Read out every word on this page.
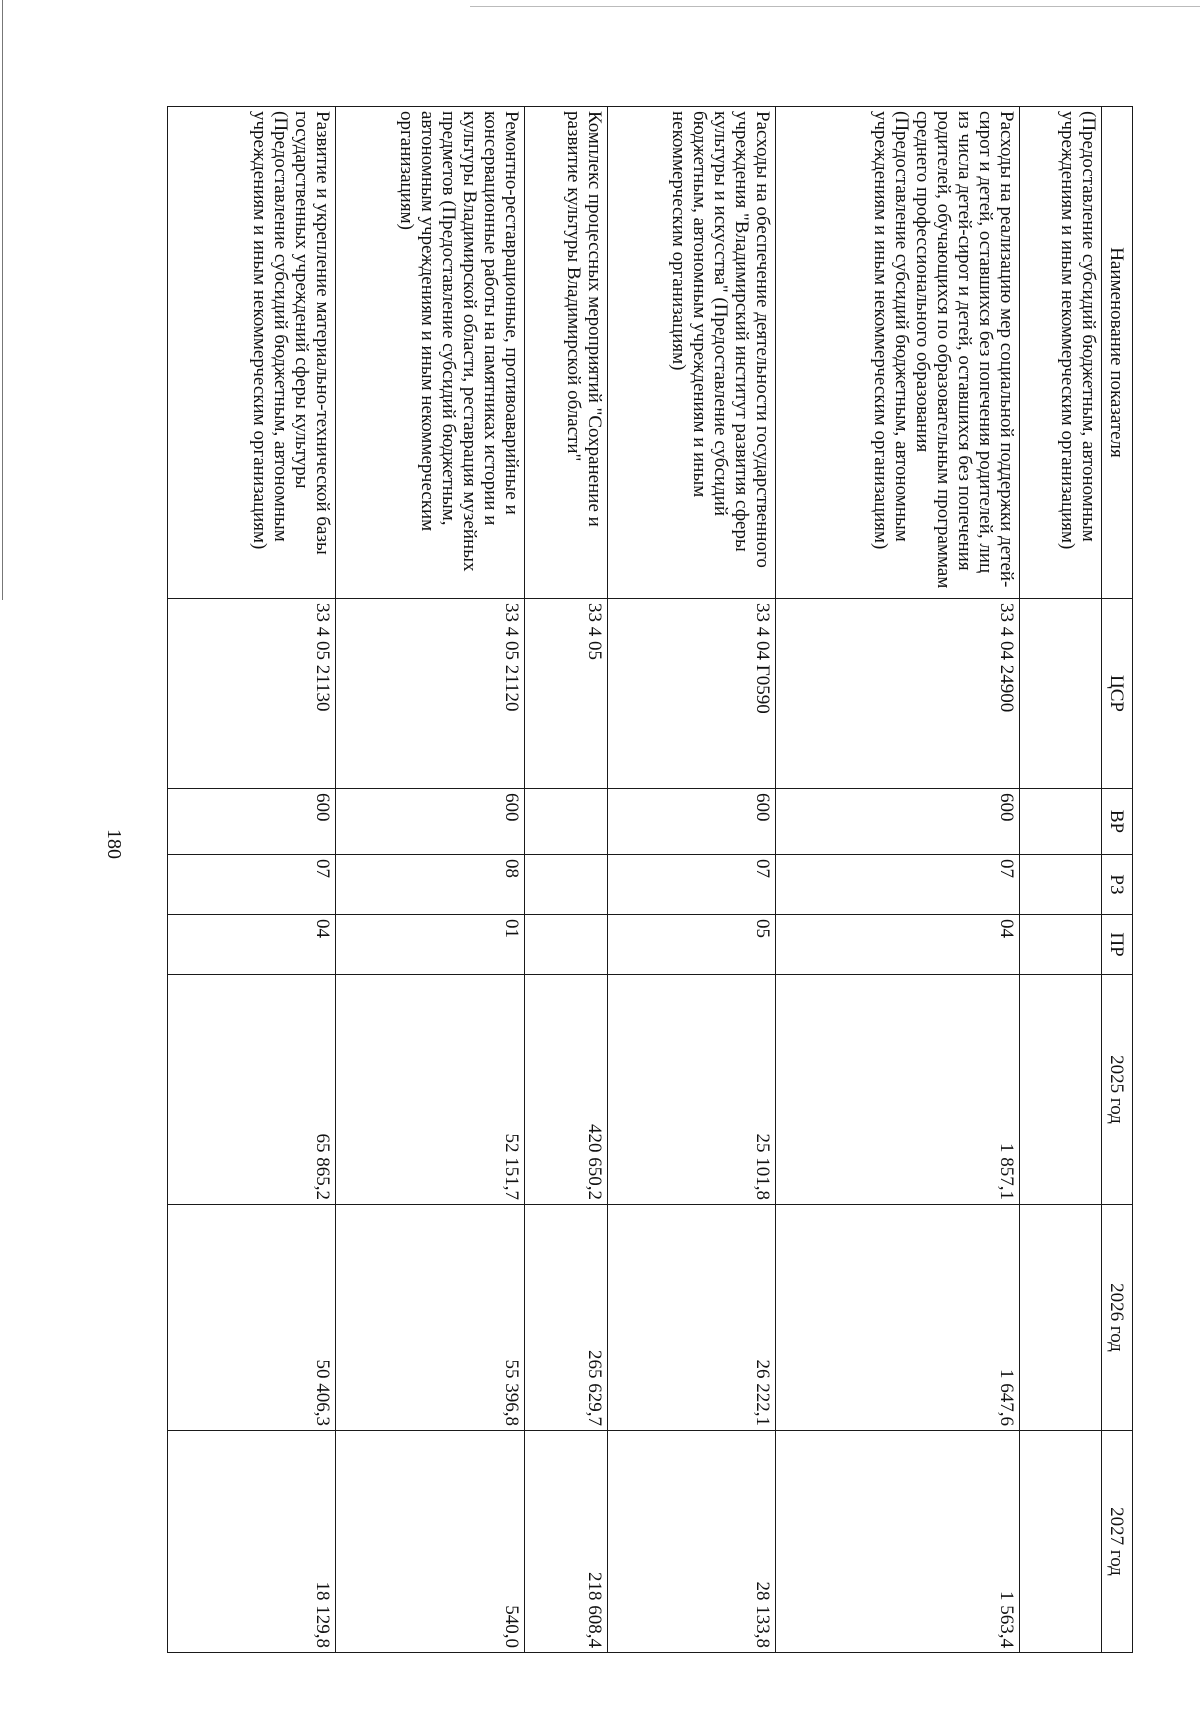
180
Наименование показателя	ЦСР	ВР	РЗ	ПР	2025 год	2026 год	2027 год
(Предоставление субсидий бюджетным, автономным учреждениям и иным некоммерческим организациям)							
Расходы на реализацию мер социальной поддержки детей-сирот и детей, оставшихся без попечения родителей, лиц из числа детей-сирот и детей, оставшихся без попечения родителей, обучающихся по образовательным программам среднего профессионального образования (Предоставление субсидий бюджетным, автономным учреждениям и иным некоммерческим организациям)	33 4 04 24900	600	07	04	1 857,1	1 647,6	1 563,4
Расходы на обеспечение деятельности государственного учреждения "Владимирский институт развития сферы культуры и искусства" (Предоставление субсидий бюджетным, автономным учреждениям и иным некоммерческим организациям)	33 4 04 Г0590	600	07	05	25 101,8	26 222,1	28 133,8
Комплекс процессных мероприятий "Сохранение и развитие культуры Владимирской области"	33 4 05				420 650,2	265 629,7	218 608,4
Ремонтно-реставрационные, противоаварийные и консервационные работы на памятниках истории и культуры Владимирской области, реставрация музейных предметов (Предоставление субсидий бюджетным, автономным учреждениям и иным некоммерческим организациям)	33 4 05 21120	600	08	01	52 151,7	55 396,8	540,0
Развитие и укрепление материально-технической базы государственных учреждений сферы культуры (Предоставление субсидий бюджетным, автономным учреждениям и иным некоммерческим организациям)	33 4 05 21130	600	07	04	65 865,2	50 406,3	18 129,8
